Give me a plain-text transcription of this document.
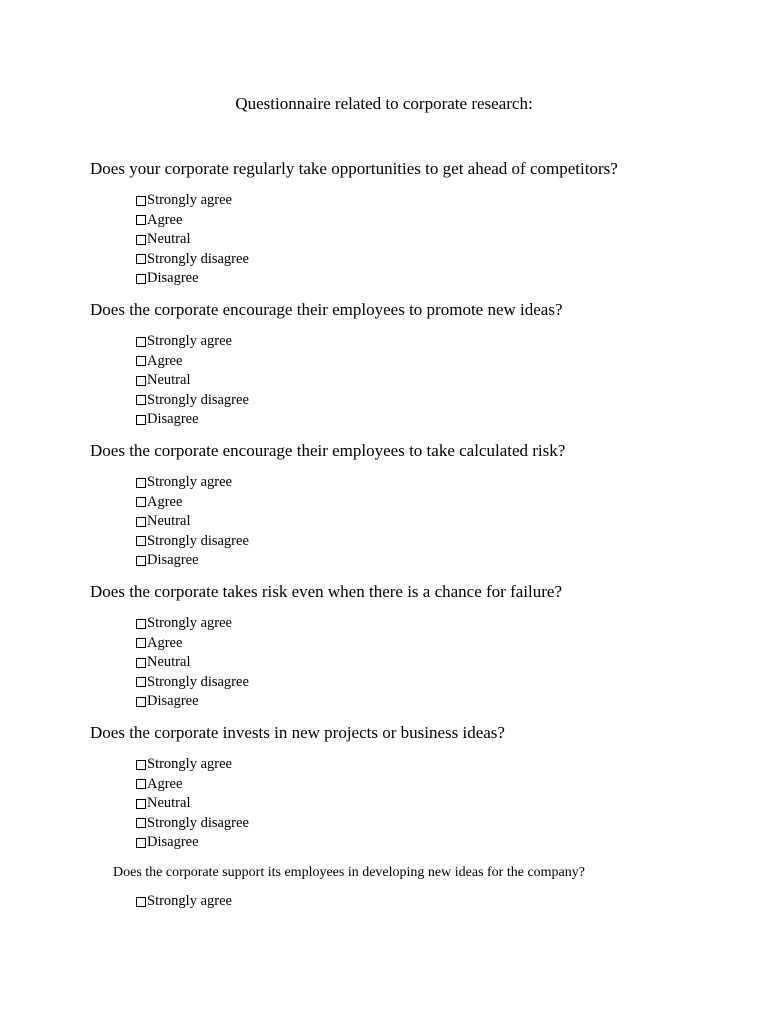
Questionnaire related to corporate research:
Does your corporate regularly take opportunities to get ahead of competitors?
Strongly agree
Agree
Neutral
Strongly disagree
Disagree
Does the corporate encourage their employees to promote new ideas?
Strongly agree
Agree
Neutral
Strongly disagree
Disagree
Does the corporate encourage their employees to take calculated risk?
Strongly agree
Agree
Neutral
Strongly disagree
Disagree
Does the corporate takes risk even when there is a chance for failure?
Strongly agree
Agree
Neutral
Strongly disagree
Disagree
Does the corporate invests in new projects or business ideas?
Strongly agree
Agree
Neutral
Strongly disagree
Disagree
Does the corporate support its employees in developing new ideas for the company?
Strongly agree
